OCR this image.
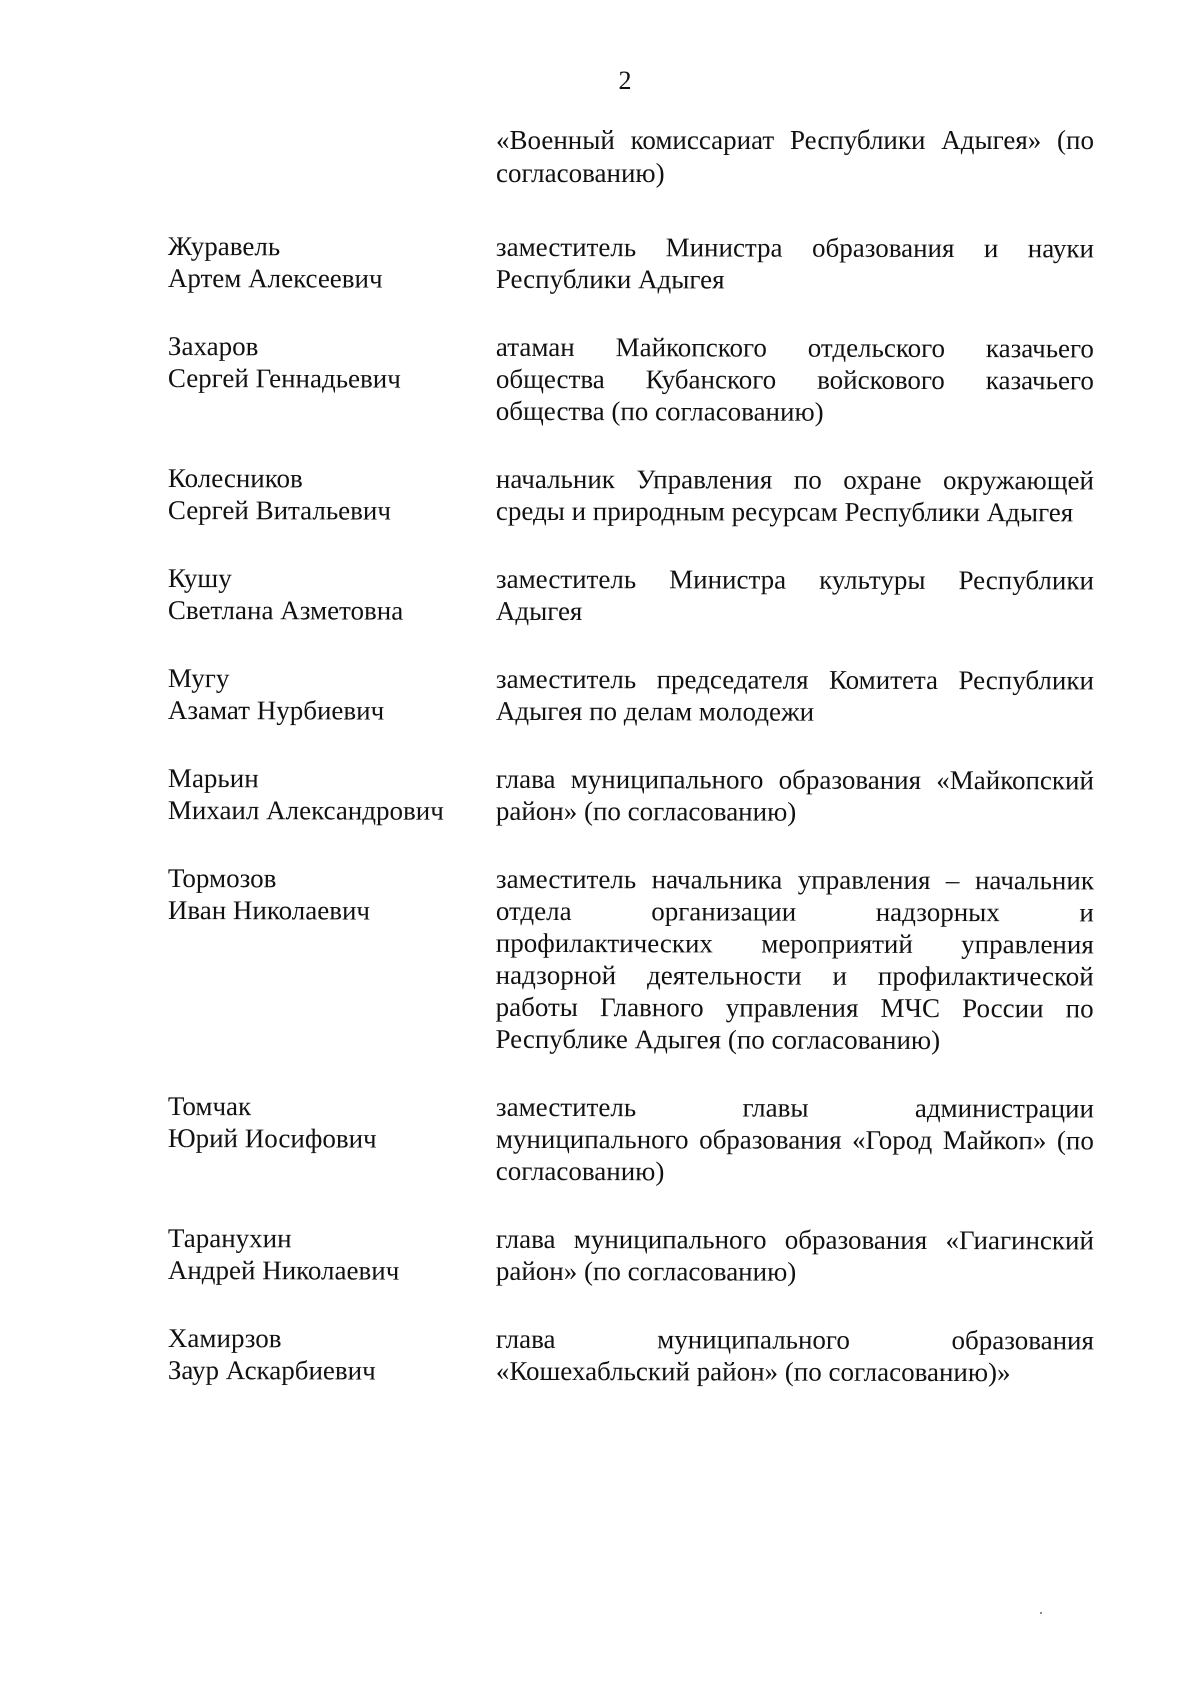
2
«Военный комиссариат Республики Адыгея» (по согласованию)
Журавель
Артем Алексеевич
заместитель Министра образования и науки Республики Адыгея
Захаров
Сергей Геннадьевич
атаман Майкопского отдельского казачьего общества Кубанского войскового казачьего общества (по согласованию)
Колесников
Сергей Витальевич
начальник Управления по охране окружающей среды и природным ресурсам Республики Адыгея
Кушу
Светлана Азметовна
заместитель Министра культуры Республики Адыгея
Мугу
Азамат Нурбиевич
заместитель председателя Комитета Республики Адыгея по делам молодежи
Марьин
Михаил Александрович
глава муниципального образования «Майкопский район» (по согласованию)
Тормозов
Иван Николаевич
заместитель начальника управления – начальник отдела организации надзорных и профилактических мероприятий управления надзорной деятельности и профилактической работы Главного управления МЧС России по Республике Адыгея (по согласованию)
Томчак
Юрий Иосифович
заместитель главы администрации муниципального образования «Город Майкоп» (по согласованию)
Таранухин
Андрей Николаевич
глава муниципального образования «Гиагинский район» (по согласованию)
Хамирзов
Заур Аскарбиевич
глава муниципального образования «Кошехабльский район» (по согласованию)»
